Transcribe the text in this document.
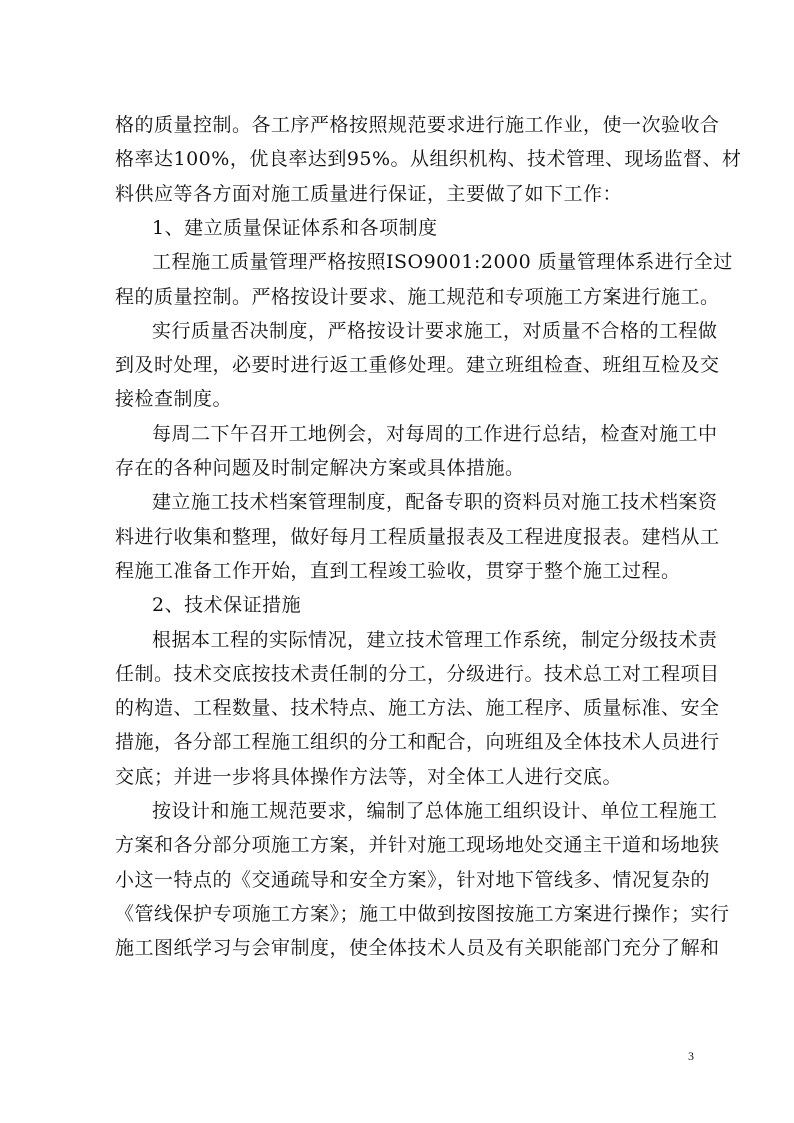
格的质量控制。各工序严格按照规范要求进行施工作业，使一次验收合
格率达100%，优良率达到95%。从组织机构、技术管理、现场监督、材
料供应等各方面对施工质量进行保证，主要做了如下工作：
1、建立质量保证体系和各项制度
工程施工质量管理严格按照ISO9001:2000 质量管理体系进行全过
程的质量控制。严格按设计要求、施工规范和专项施工方案进行施工。
实行质量否决制度，严格按设计要求施工，对质量不合格的工程做
到及时处理，必要时进行返工重修处理。建立班组检查、班组互检及交
接检查制度。
每周二下午召开工地例会，对每周的工作进行总结，检查对施工中
存在的各种问题及时制定解决方案或具体措施。
建立施工技术档案管理制度，配备专职的资料员对施工技术档案资
料进行收集和整理，做好每月工程质量报表及工程进度报表。建档从工
程施工准备工作开始，直到工程竣工验收，贯穿于整个施工过程。
2、技术保证措施
根据本工程的实际情况，建立技术管理工作系统，制定分级技术责
任制。技术交底按技术责任制的分工，分级进行。技术总工对工程项目
的构造、工程数量、技术特点、施工方法、施工程序、质量标准、安全
措施，各分部工程施工组织的分工和配合，向班组及全体技术人员进行
交底；并进一步将具体操作方法等，对全体工人进行交底。
按设计和施工规范要求，编制了总体施工组织设计、单位工程施工
方案和各分部分项施工方案，并针对施工现场地处交通主干道和场地狭
小这一特点的《交通疏导和安全方案》，针对地下管线多、情况复杂的
《管线保护专项施工方案》；施工中做到按图按施工方案进行操作；实行
施工图纸学习与会审制度，使全体技术人员及有关职能部门充分了解和
3
